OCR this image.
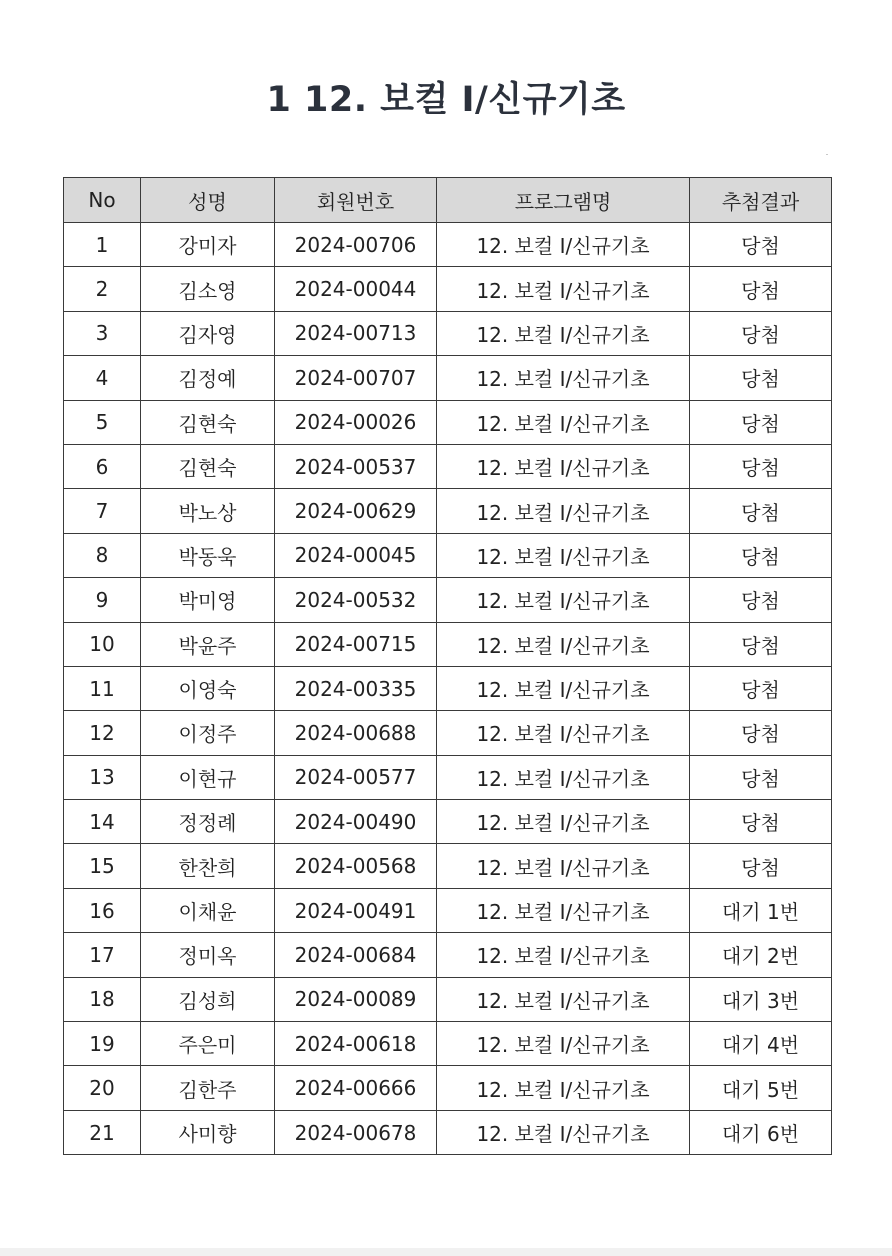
1 12. 보컬 I/신규기초
No	성명	회원번호	프로그램명	추첨결과
1	강미자	2024-00706	12. 보컬 I/신규기초	당첨
2	김소영	2024-00044	12. 보컬 I/신규기초	당첨
3	김자영	2024-00713	12. 보컬 I/신규기초	당첨
4	김정예	2024-00707	12. 보컬 I/신규기초	당첨
5	김현숙	2024-00026	12. 보컬 I/신규기초	당첨
6	김현숙	2024-00537	12. 보컬 I/신규기초	당첨
7	박노상	2024-00629	12. 보컬 I/신규기초	당첨
8	박동욱	2024-00045	12. 보컬 I/신규기초	당첨
9	박미영	2024-00532	12. 보컬 I/신규기초	당첨
10	박윤주	2024-00715	12. 보컬 I/신규기초	당첨
11	이영숙	2024-00335	12. 보컬 I/신규기초	당첨
12	이정주	2024-00688	12. 보컬 I/신규기초	당첨
13	이현규	2024-00577	12. 보컬 I/신규기초	당첨
14	정정례	2024-00490	12. 보컬 I/신규기초	당첨
15	한찬희	2024-00568	12. 보컬 I/신규기초	당첨
16	이채윤	2024-00491	12. 보컬 I/신규기초	대기 1번
17	정미옥	2024-00684	12. 보컬 I/신규기초	대기 2번
18	김성희	2024-00089	12. 보컬 I/신규기초	대기 3번
19	주은미	2024-00618	12. 보컬 I/신규기초	대기 4번
20	김한주	2024-00666	12. 보컬 I/신규기초	대기 5번
21	사미향	2024-00678	12. 보컬 I/신규기초	대기 6번
